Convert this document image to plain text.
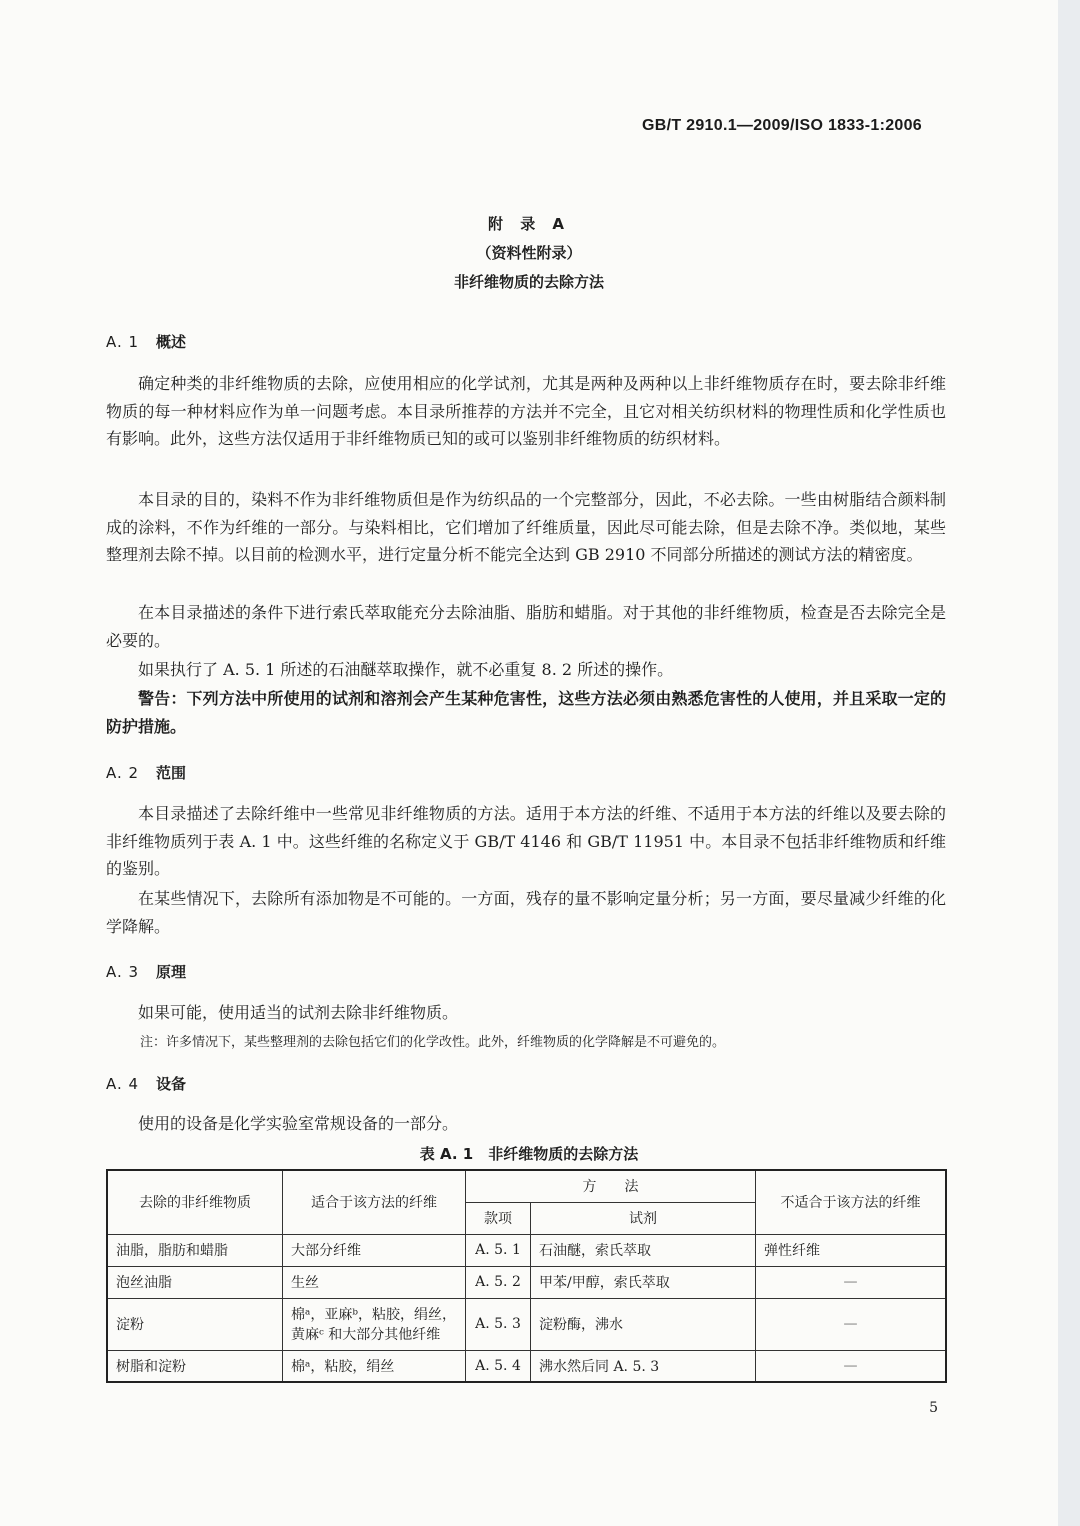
GB/T 2910.1—2009/ISO 1833-1:2006
附 录 A
（资料性附录）
非纤维物质的去除方法
A. 1 概述

确定种类的非纤维物质的去除，应使用相应的化学试剂，尤其是两种及两种以上非纤维物质存在时，要去除非纤维物质的每一种材料应作为单一问题考虑。本目录所推荐的方法并不完全，且它对相关纺织材料的物理性质和化学性质也有影响。此外，这些方法仅适用于非纤维物质已知的或可以鉴别非纤维物质的纺织材料。

本目录的目的，染料不作为非纤维物质但是作为纺织品的一个完整部分，因此，不必去除。一些由树脂结合颜料制成的涂料，不作为纤维的一部分。与染料相比，它们增加了纤维质量，因此尽可能去除，但是去除不净。类似地，某些整理剂去除不掉。以目前的检测水平，进行定量分析不能完全达到 GB 2910 不同部分所描述的测试方法的精密度。

在本目录描述的条件下进行索氏萃取能充分去除油脂、脂肪和蜡脂。对于其他的非纤维物质，检查是否去除完全是必要的。

如果执行了 A. 5. 1 所述的石油醚萃取操作，就不必重复 8. 2 所述的操作。

警告：下列方法中所使用的试剂和溶剂会产生某种危害性，这些方法必须由熟悉危害性的人使用，并且采取一定的防护措施。

A. 2 范围

本目录描述了去除纤维中一些常见非纤维物质的方法。适用于本方法的纤维、不适用于本方法的纤维以及要去除的非纤维物质列于表 A. 1 中。这些纤维的名称定义于 GB/T 4146 和 GB/T 11951 中。本目录不包括非纤维物质和纤维的鉴别。

在某些情况下，去除所有添加物是不可能的。一方面，残存的量不影响定量分析；另一方面，要尽量减少纤维的化学降解。

A. 3 原理

如果可能，使用适当的试剂去除非纤维物质。

注：许多情况下，某些整理剂的去除包括它们的化学改性。此外，纤维物质的化学降解是不可避免的。
A. 4 设备

使用的设备是化学实验室常规设备的一部分。

表 A. 1　非纤维物质的去除方法
去除的非纤维物质	适合于该方法的纤维	方　　法		不适合于该方法的纤维
		款项	试剂	
油脂，脂肪和蜡脂	大部分纤维	A. 5. 1	石油醚，索氏萃取	弹性纤维
泡丝油脂	生丝	A. 5. 2	甲苯/甲醇，索氏萃取	—
淀粉	棉ᵃ，亚麻ᵇ，粘胶，绢丝，黄麻ᶜ 和大部分其他纤维	A. 5. 3	淀粉酶，沸水	—
树脂和淀粉	棉ᵃ，粘胶，绢丝	A. 5. 4	沸水然后同 A. 5. 3	—
5
